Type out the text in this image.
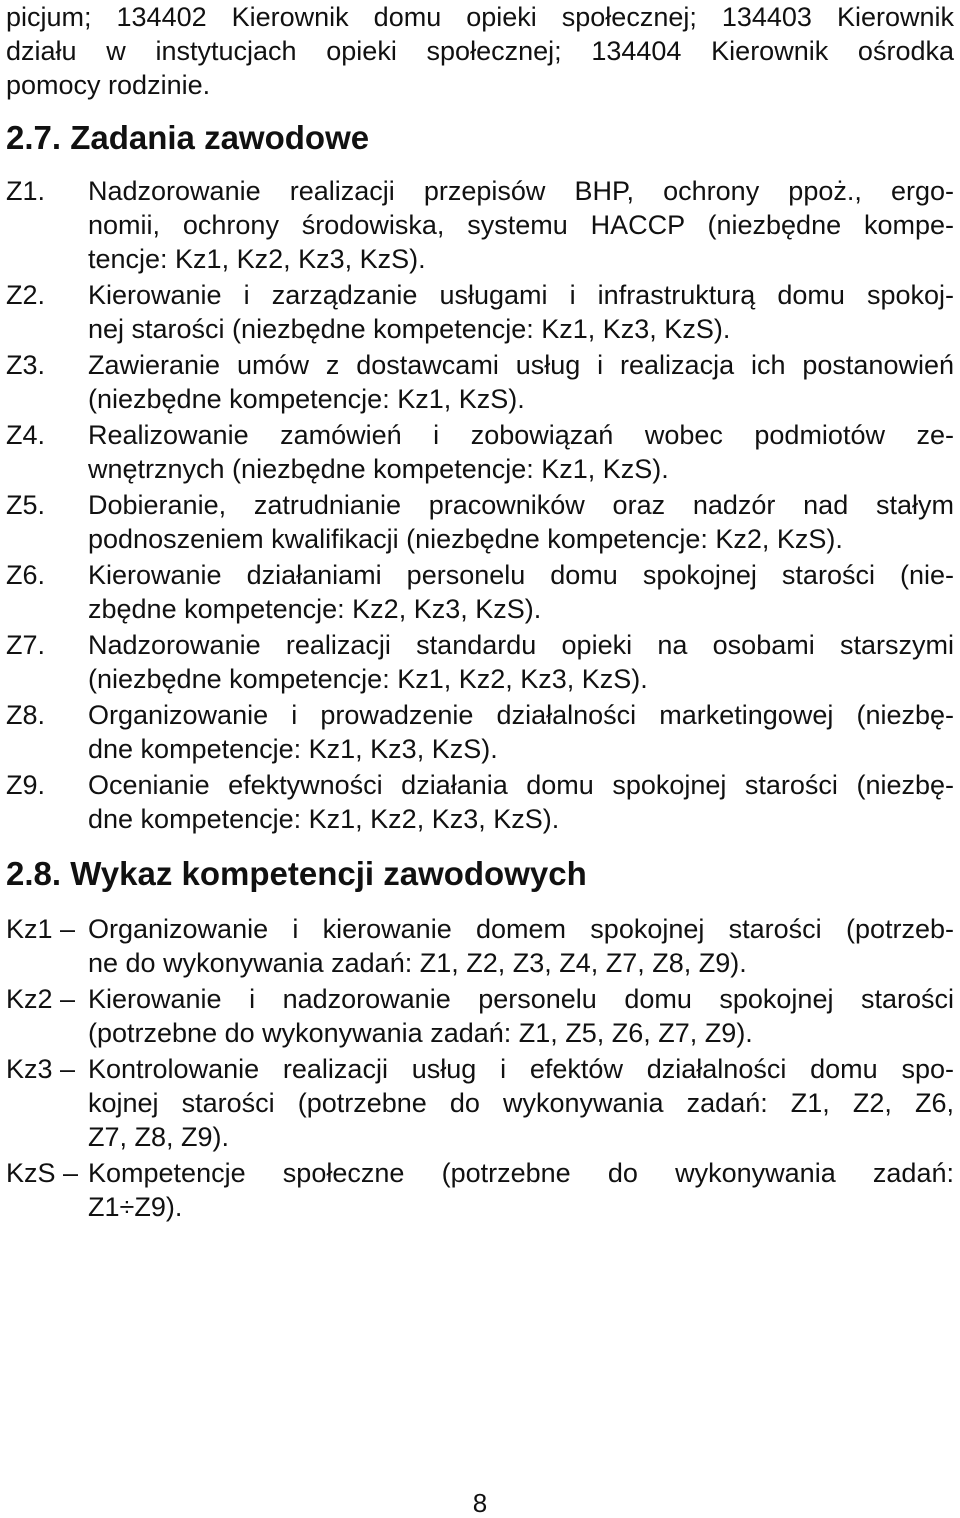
picjum; 134402 Kierownik domu opieki społecznej; 134403 Kierownik
działu w instytucjach opieki społecznej; 134404 Kierownik ośrodka
pomocy rodzinie.
2.7. Zadania zawodowe
Z1.	Nadzorowanie realizacji przepisów BHP, ochrony ppoż., ergo-
nomii, ochrony środowiska, systemu HACCP (niezbędne kompe-
tencje: Kz1, Kz2, Kz3, KzS).
Z2.	Kierowanie i zarządzanie usługami i infrastrukturą domu spokoj-
nej starości (niezbędne kompetencje: Kz1, Kz3, KzS).
Z3.	Zawieranie umów z dostawcami usług i realizacja ich postanowień
(niezbędne kompetencje: Kz1, KzS).
Z4.	Realizowanie zamówień i zobowiązań wobec podmiotów ze-
wnętrznych (niezbędne kompetencje: Kz1, KzS).
Z5.	Dobieranie, zatrudnianie pracowników oraz nadzór nad stałym
podnoszeniem kwalifikacji (niezbędne kompetencje: Kz2, KzS).
Z6.	Kierowanie działaniami personelu domu spokojnej starości (nie-
zbędne kompetencje: Kz2, Kz3, KzS).
Z7.	Nadzorowanie realizacji standardu opieki na osobami starszymi
(niezbędne kompetencje: Kz1, Kz2, Kz3, KzS).
Z8.	Organizowanie i prowadzenie działalności marketingowej (niezbę-
dne kompetencje: Kz1, Kz3, KzS).
Z9.	Ocenianie efektywności działania domu spokojnej starości (niezbę-
dne kompetencje: Kz1, Kz2, Kz3, KzS).
2.8. Wykaz kompetencji zawodowych
Kz1 – Organizowanie i kierowanie domem spokojnej starości (potrzeb-
ne do wykonywania zadań: Z1, Z2, Z3, Z4, Z7, Z8, Z9).
Kz2 – Kierowanie i nadzorowanie personelu domu spokojnej starości
(potrzebne do wykonywania zadań: Z1, Z5, Z6, Z7, Z9).
Kz3 – Kontrolowanie realizacji usług i efektów działalności domu spo-
kojnej starości (potrzebne do wykonywania zadań: Z1, Z2, Z6,
Z7, Z8, Z9).
KzS – Kompetencje społeczne (potrzebne do wykonywania zadań:
Z1÷Z9).
8
